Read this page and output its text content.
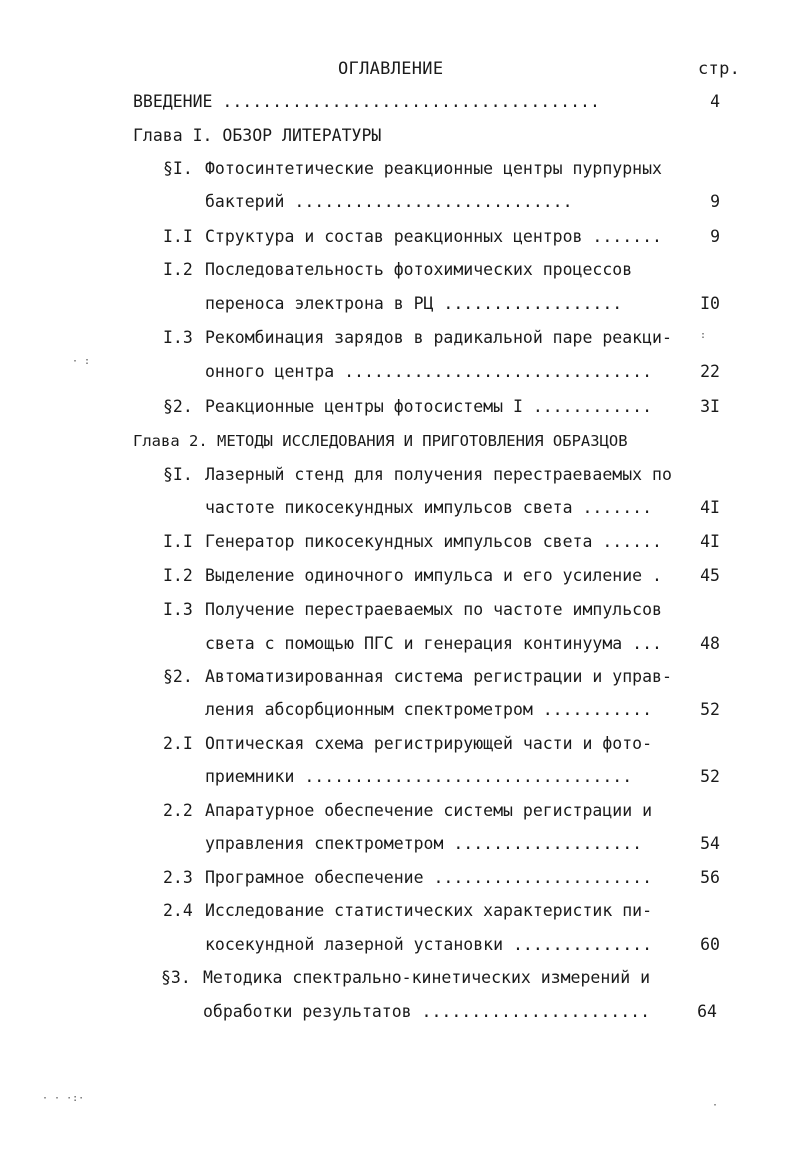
ОГЛАВЛЕНИЕ	стр.
ВВЕДЕНИЕ ......................................	4
Глава I. ОБЗОР ЛИТЕРАТУРЫ
§I. Фотосинтетические реакционные центры пурпурных
бактерий ............................	9
I.I Структура и состав реакционных центров .......	9
I.2 Последовательность фотохимических процессов
переноса электрона в РЦ ..................	I0
I.3 Рекомбинация зарядов в радикальной паре реакци-
онного центра ...............................	22
§2. Реакционные центры фотосистемы I ............	3I
Глава 2. МЕТОДЫ ИССЛЕДОВАНИЯ И ПРИГОТОВЛЕНИЯ ОБРАЗЦОВ
§I. Лазерный стенд для получения перестраеваемых по
частоте пикосекундных импульсов света .......	4I
I.I Генератор пикосекундных импульсов света ......	4I
I.2 Выделение одиночного импульса и его усиление .	45
I.3 Получение перестраеваемых по частоте импульсов
света с помощью ПГС и генерация континуума ...	48
§2. Автоматизированная система регистрации и управ-
ления абсорбционным спектрометром ...........	52
2.I Оптическая схема регистрирующей части и фото-
приемники .................................	52
2.2 Апаратурное обеспечение системы регистрации и
управления спектрометром ...................	54
2.3 Програмное обеспечение ......................	56
2.4 Исследование статистических характеристик пи-
косекундной лазерной установки ..............	60
§3. Методика спектрально-кинетических измерений и
обработки результатов .......................	64
· :
:
· · ·:·
·
